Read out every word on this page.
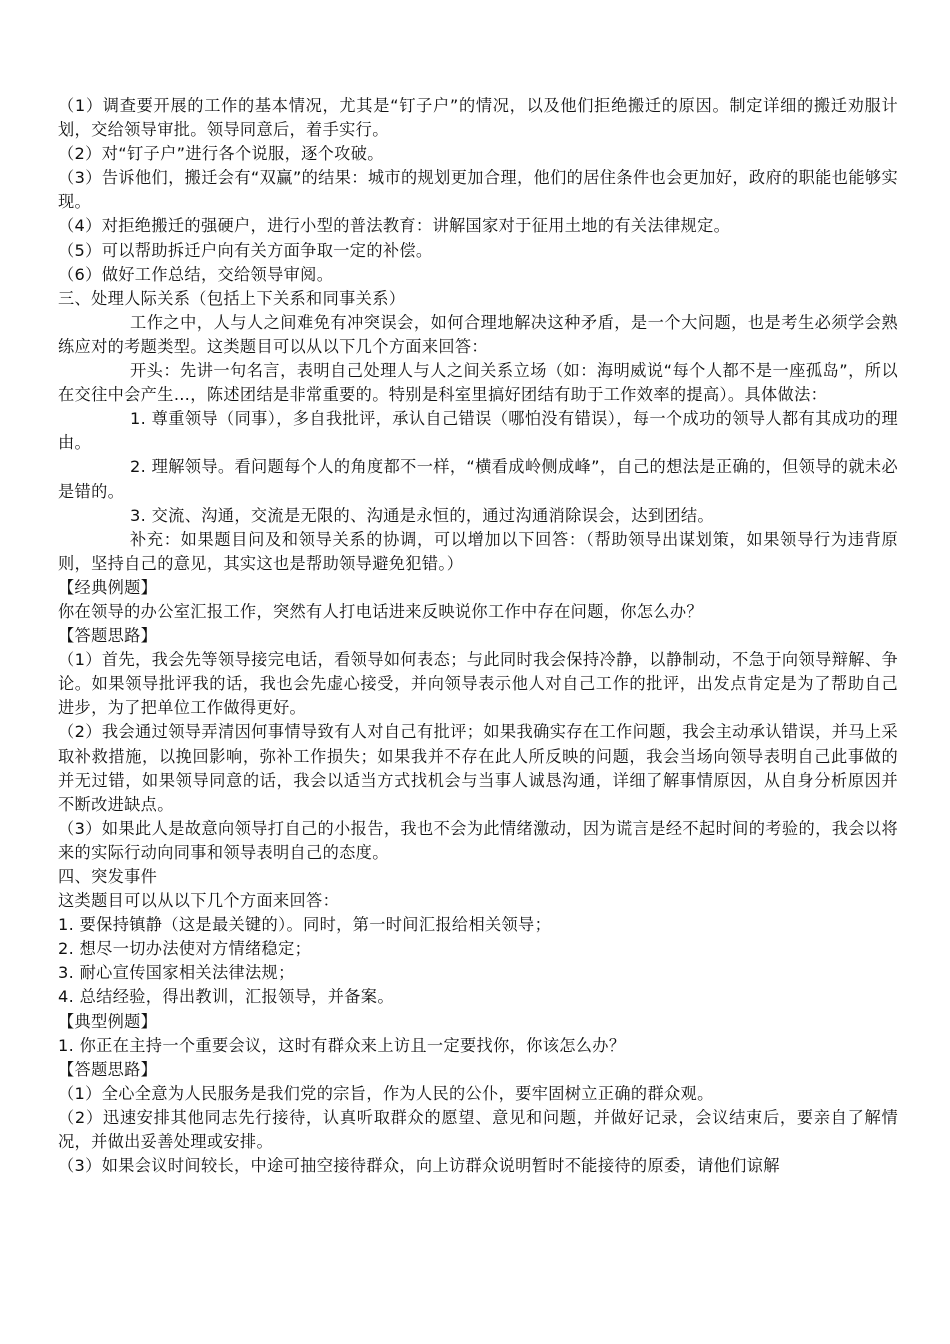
（1）调查要开展的工作的基本情况，尤其是“钉子户”的情况，以及他们拒绝搬迁的原因。制定详细的搬迁劝服计划，交给领导审批。领导同意后，着手实行。

（2）对“钉子户”进行各个说服，逐个攻破。

（3）告诉他们，搬迁会有“双赢”的结果：城市的规划更加合理，他们的居住条件也会更加好，政府的职能也能够实现。

（4）对拒绝搬迁的强硬户，进行小型的普法教育：讲解国家对于征用土地的有关法律规定。

（5）可以帮助拆迁户向有关方面争取一定的补偿。

（6）做好工作总结，交给领导审阅。

三、处理人际关系（包括上下关系和同事关系）

工作之中，人与人之间难免有冲突误会，如何合理地解决这种矛盾，是一个大问题，也是考生必须学会熟练应对的考题类型。这类题目可以从以下几个方面来回答：

开头：先讲一句名言，表明自己处理人与人之间关系立场（如：海明威说“每个人都不是一座孤岛”，所以在交往中会产生…，陈述团结是非常重要的。特别是科室里搞好团结有助于工作效率的提高）。具体做法：

1. 尊重领导（同事），多自我批评，承认自己错误（哪怕没有错误），每一个成功的领导人都有其成功的理由。

2. 理解领导。看问题每个人的角度都不一样，“横看成岭侧成峰”，自己的想法是正确的，但领导的就未必是错的。

3. 交流、沟通，交流是无限的、沟通是永恒的，通过沟通消除误会，达到团结。

补充：如果题目问及和领导关系的协调，可以增加以下回答：（帮助领导出谋划策，如果领导行为违背原则，坚持自己的意见，其实这也是帮助领导避免犯错。）

【经典例题】

你在领导的办公室汇报工作，突然有人打电话进来反映说你工作中存在问题，你怎么办？

【答题思路】

（1）首先，我会先等领导接完电话，看领导如何表态；与此同时我会保持冷静，以静制动，不急于向领导辩解、争论。如果领导批评我的话，我也会先虚心接受，并向领导表示他人对自己工作的批评，出发点肯定是为了帮助自己进步，为了把单位工作做得更好。

（2）我会通过领导弄清因何事情导致有人对自己有批评；如果我确实存在工作问题，我会主动承认错误，并马上采取补救措施，以挽回影响，弥补工作损失；如果我并不存在此人所反映的问题，我会当场向领导表明自己此事做的并无过错，如果领导同意的话，我会以适当方式找机会与当事人诚恳沟通，详细了解事情原因，从自身分析原因并不断改进缺点。

（3）如果此人是故意向领导打自己的小报告，我也不会为此情绪激动，因为谎言是经不起时间的考验的，我会以将来的实际行动向同事和领导表明自己的态度。

四、突发事件

这类题目可以从以下几个方面来回答：

1. 要保持镇静（这是最关键的）。同时，第一时间汇报给相关领导；

2. 想尽一切办法使对方情绪稳定；

3. 耐心宣传国家相关法律法规；

4. 总结经验，得出教训，汇报领导，并备案。

【典型例题】

1. 你正在主持一个重要会议，这时有群众来上访且一定要找你，你该怎么办？

【答题思路】

（1）全心全意为人民服务是我们党的宗旨，作为人民的公仆，要牢固树立正确的群众观。

（2）迅速安排其他同志先行接待，认真听取群众的愿望、意见和问题，并做好记录，会议结束后，要亲自了解情况，并做出妥善处理或安排。

（3）如果会议时间较长，中途可抽空接待群众，向上访群众说明暂时不能接待的原委，请他们谅解
